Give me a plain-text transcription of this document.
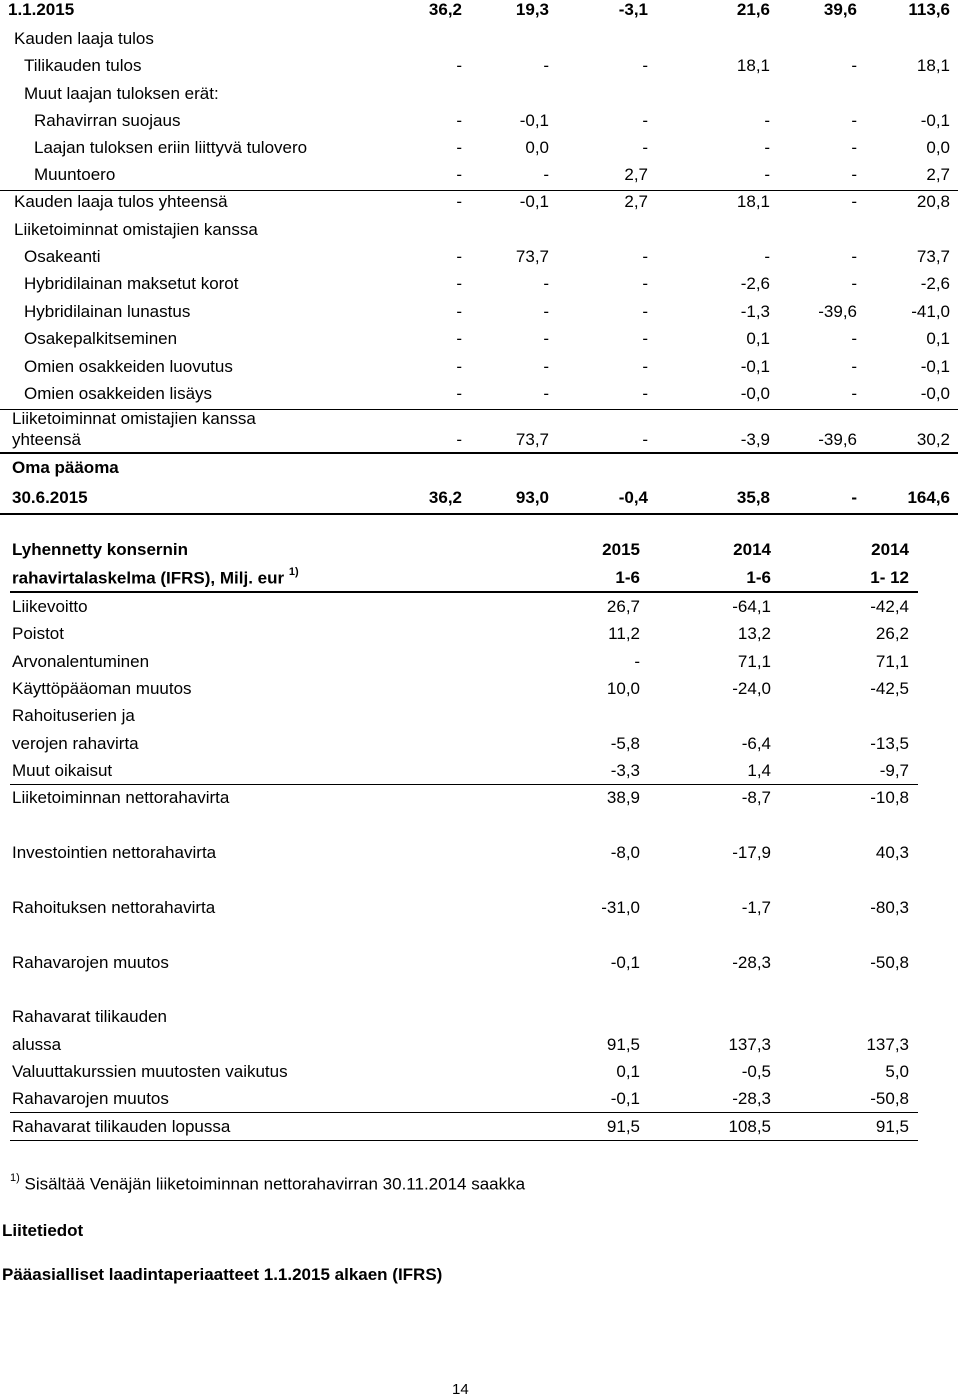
1.1.2015	36,2	19,3	-3,1	21,6	39,6	113,6
Kauden laaja tulos
Tilikauden tulos	-	-	-	18,1	-	18,1
Muut laajan tuloksen erät:
Rahavirran suojaus	-	-0,1	-	-	-	-0,1
Laajan tuloksen eriin liittyvä tulovero	-	0,0	-	-	-	0,0
Muuntoero	-	-	2,7	-	-	2,7
Kauden laaja tulos yhteensä	-	-0,1	2,7	18,1	-	20,8
Liiketoiminnat omistajien kanssa
Osakeanti	-	73,7	-	-	-	73,7
Hybridilainan maksetut korot	-	-	-	-2,6	-	-2,6
Hybridilainan lunastus	-	-	-	-1,3	-39,6	-41,0
Osakepalkitseminen	-	-	-	0,1	-	0,1
Omien osakkeiden luovutus	-	-	-	-0,1	-	-0,1
Omien osakkeiden lisäys	-	-	-	-0,0	-	-0,0
Liiketoiminnat omistajien kanssa
yhteensä	-	73,7	-	-3,9	-39,6	30,2
Oma pääoma
30.6.2015	36,2	93,0	-0,4	35,8	-	164,6
Lyhennetty konsernin	2015	2014	2014
rahavirtalaskelma (IFRS), Milj. eur $^{1)}$	1-6	1-6	1- 12
Liikevoitto	26,7	-64,1	-42,4
Poistot	11,2	13,2	26,2
Arvonalentuminen	-	71,1	71,1
Käyttöpääoman muutos	10,0	-24,0	-42,5
Rahoituserien ja
verojen rahavirta	-5,8	-6,4	-13,5
Muut oikaisut	-3,3	1,4	-9,7
Liiketoiminnan nettorahavirta	38,9	-8,7	-10,8
Investointien nettorahavirta	-8,0	-17,9	40,3
Rahoituksen nettorahavirta	-31,0	-1,7	-80,3
Rahavarojen muutos	-0,1	-28,3	-50,8
Rahavarat tilikauden
alussa	91,5	137,3	137,3
Valuuttakurssien muutosten vaikutus	0,1	-0,5	5,0
Rahavarojen muutos	-0,1	-28,3	-50,8
Rahavarat tilikauden lopussa	91,5	108,5	91,5
$^{1)}$ Sisältää Venäjän liiketoiminnan nettorahavirran 30.11.2014 saakka
Liitetiedot
Pääasialliset laadintaperiaatteet 1.1.2015 alkaen (IFRS)
14
